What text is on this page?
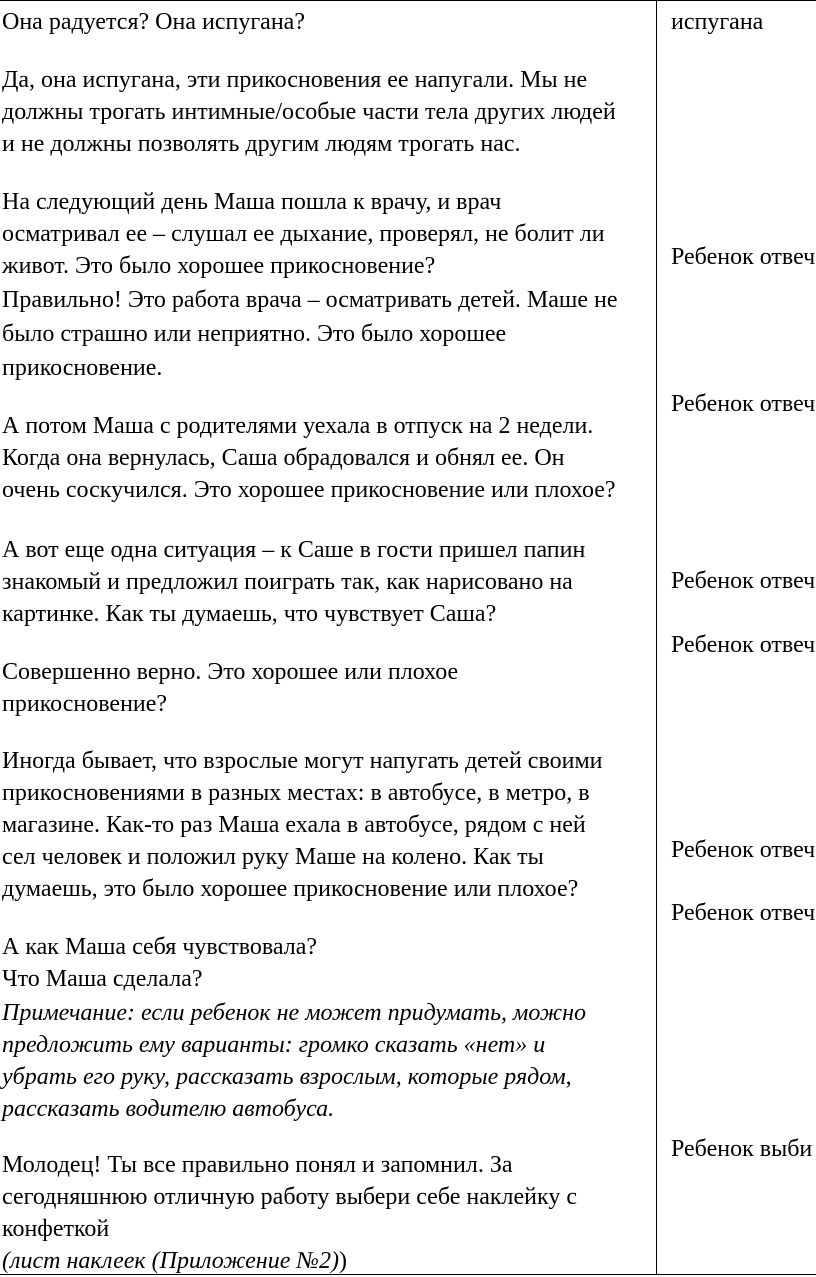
Она радуется? Она испугана?
Да, она испугана, эти прикосновения ее напугали. Мы не
должны трогать интимные/особые части тела других людей
и не должны позволять другим людям трогать нас.
На следующий день Маша пошла к врачу, и врач
осматривал ее – слушал ее дыхание, проверял, не болит ли
живот. Это было хорошее прикосновение?
Правильно! Это работа врача – осматривать детей. Маше не
было страшно или неприятно. Это было хорошее
прикосновение.
А потом Маша с родителями уехала в отпуск на 2 недели.
Когда она вернулась, Саша обрадовался и обнял ее. Он
очень соскучился. Это хорошее прикосновение или плохое?
А вот еще одна ситуация – к Саше в гости пришел папин
знакомый и предложил поиграть так, как нарисовано на
картинке. Как ты думаешь, что чувствует Саша?
Совершенно верно. Это хорошее или плохое
прикосновение?
Иногда бывает, что взрослые могут напугать детей своими
прикосновениями в разных местах: в автобусе, в метро, в
магазине. Как-то раз Маша ехала в автобусе, рядом с ней
сел человек и положил руку Маше на колено. Как ты
думаешь, это было хорошее прикосновение или плохое?
А как Маша себя чувствовала?
Что Маша сделала?
Примечание: если ребенок не может придумать, можно
предложить ему варианты: громко сказать «нет» и
убрать его руку, рассказать взрослым, которые рядом,
рассказать водителю автобуса.
Молодец! Ты все правильно понял и запомнил. За
сегодняшнюю отличную работу выбери себе наклейку с
конфеткой
(лист наклеек (Приложение №2))
испугана
Ребенок отвеч
Ребенок отвеч
Ребенок отвеч
Ребенок отвеч
Ребенок отвеч
Ребенок отвеч
Ребенок выби
